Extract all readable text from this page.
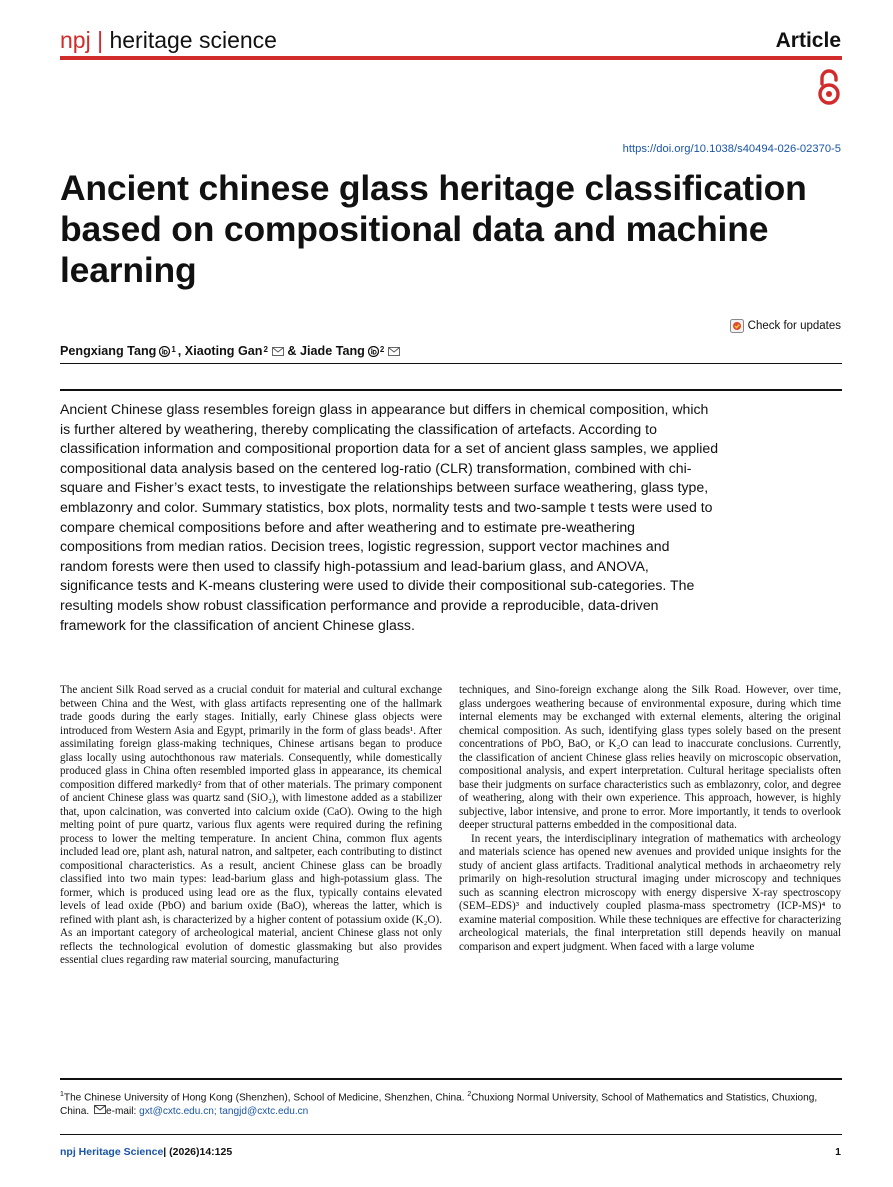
npj | heritage science	Article
https://doi.org/10.1038/s40494-026-02370-5
Ancient chinese glass heritage classification based on compositional data and machine learning
Check for updates
Pengxiang Tang $^1$ , Xiaoting Gan$^2$ & Jiade Tang $^2$
Ancient Chinese glass resembles foreign glass in appearance but differs in chemical composition, which is further altered by weathering, thereby complicating the classification of artefacts. According to classification information and compositional proportion data for a set of ancient glass samples, we applied compositional data analysis based on the centered log-ratio (CLR) transformation, combined with chi-square and Fisher’s exact tests, to investigate the relationships between surface weathering, glass type, emblazonry and color. Summary statistics, box plots, normality tests and two-sample t tests were used to compare chemical compositions before and after weathering and to estimate pre-weathering compositions from median ratios. Decision trees, logistic regression, support vector machines and random forests were then used to classify high-potassium and lead-barium glass, and ANOVA, significance tests and K-means clustering were used to divide their compositional sub-categories. The resulting models show robust classification performance and provide a reproducible, data-driven framework for the classification of ancient Chinese glass.

The ancient Silk Road served as a crucial conduit for material and cultural exchange between China and the West, with glass artifacts representing one of the hallmark trade goods during the early stages. Initially, early Chinese glass objects were introduced from Western Asia and Egypt, primarily in the form of glass beads¹. After assimilating foreign glass-making techniques, Chinese artisans began to produce glass locally using autochthonous raw materials. Consequently, while domestically produced glass in China often resembled imported glass in appearance, its chemical composition differed markedly² from that of other materials. The primary component of ancient Chinese glass was quartz sand (SiO₂), with limestone added as a stabilizer that, upon calcination, was converted into calcium oxide (CaO). Owing to the high melting point of pure quartz, various flux agents were required during the refining process to lower the melting temperature. In ancient China, common flux agents included lead ore, plant ash, natural natron, and saltpeter, each contributing to distinct compositional characteristics. As a result, ancient Chinese glass can be broadly classified into two main types: lead-barium glass and high-potassium glass. The former, which is produced using lead ore as the flux, typically contains elevated levels of lead oxide (PbO) and barium oxide (BaO), whereas the latter, which is refined with plant ash, is characterized by a higher content of potassium oxide (K₂O). As an important category of archeological material, ancient Chinese glass not only reflects the technological evolution of domestic glassmaking but also provides essential clues regarding raw material sourcing, manufacturing

techniques, and Sino-foreign exchange along the Silk Road. However, over time, glass undergoes weathering because of environmental exposure, during which time internal elements may be exchanged with external elements, altering the original chemical composition. As such, identifying glass types solely based on the present concentrations of PbO, BaO, or K₂O can lead to inaccurate conclusions. Currently, the classification of ancient Chinese glass relies heavily on microscopic observation, compositional analysis, and expert interpretation. Cultural heritage specialists often base their judgments on surface characteristics such as emblazonry, color, and degree of weathering, along with their own experience. This approach, however, is highly subjective, labor intensive, and prone to error. More importantly, it tends to overlook deeper structural patterns embedded in the compositional data.

In recent years, the interdisciplinary integration of mathematics with archeology and materials science has opened new avenues and provided unique insights for the study of ancient glass artifacts. Traditional analytical methods in archaeometry rely primarily on high-resolution structural imaging under microscopy and techniques such as scanning electron microscopy with energy dispersive X-ray spectroscopy (SEM–EDS)³ and inductively coupled plasma-mass spectrometry (ICP-MS)⁴ to examine material composition. While these techniques are effective for characterizing archeological materials, the final interpretation still depends heavily on manual comparison and expert judgment. When faced with a large volume

$^1$The Chinese University of Hong Kong (Shenzhen), School of Medicine, Shenzhen, China. $^2$Chuxiong Normal University, School of Mathematics and Statistics, Chuxiong, China. e-mail: gxt@cxtc.edu.cn; tangjd@cxtc.edu.cn
npj Heritage Science| (2026)14:125	1
